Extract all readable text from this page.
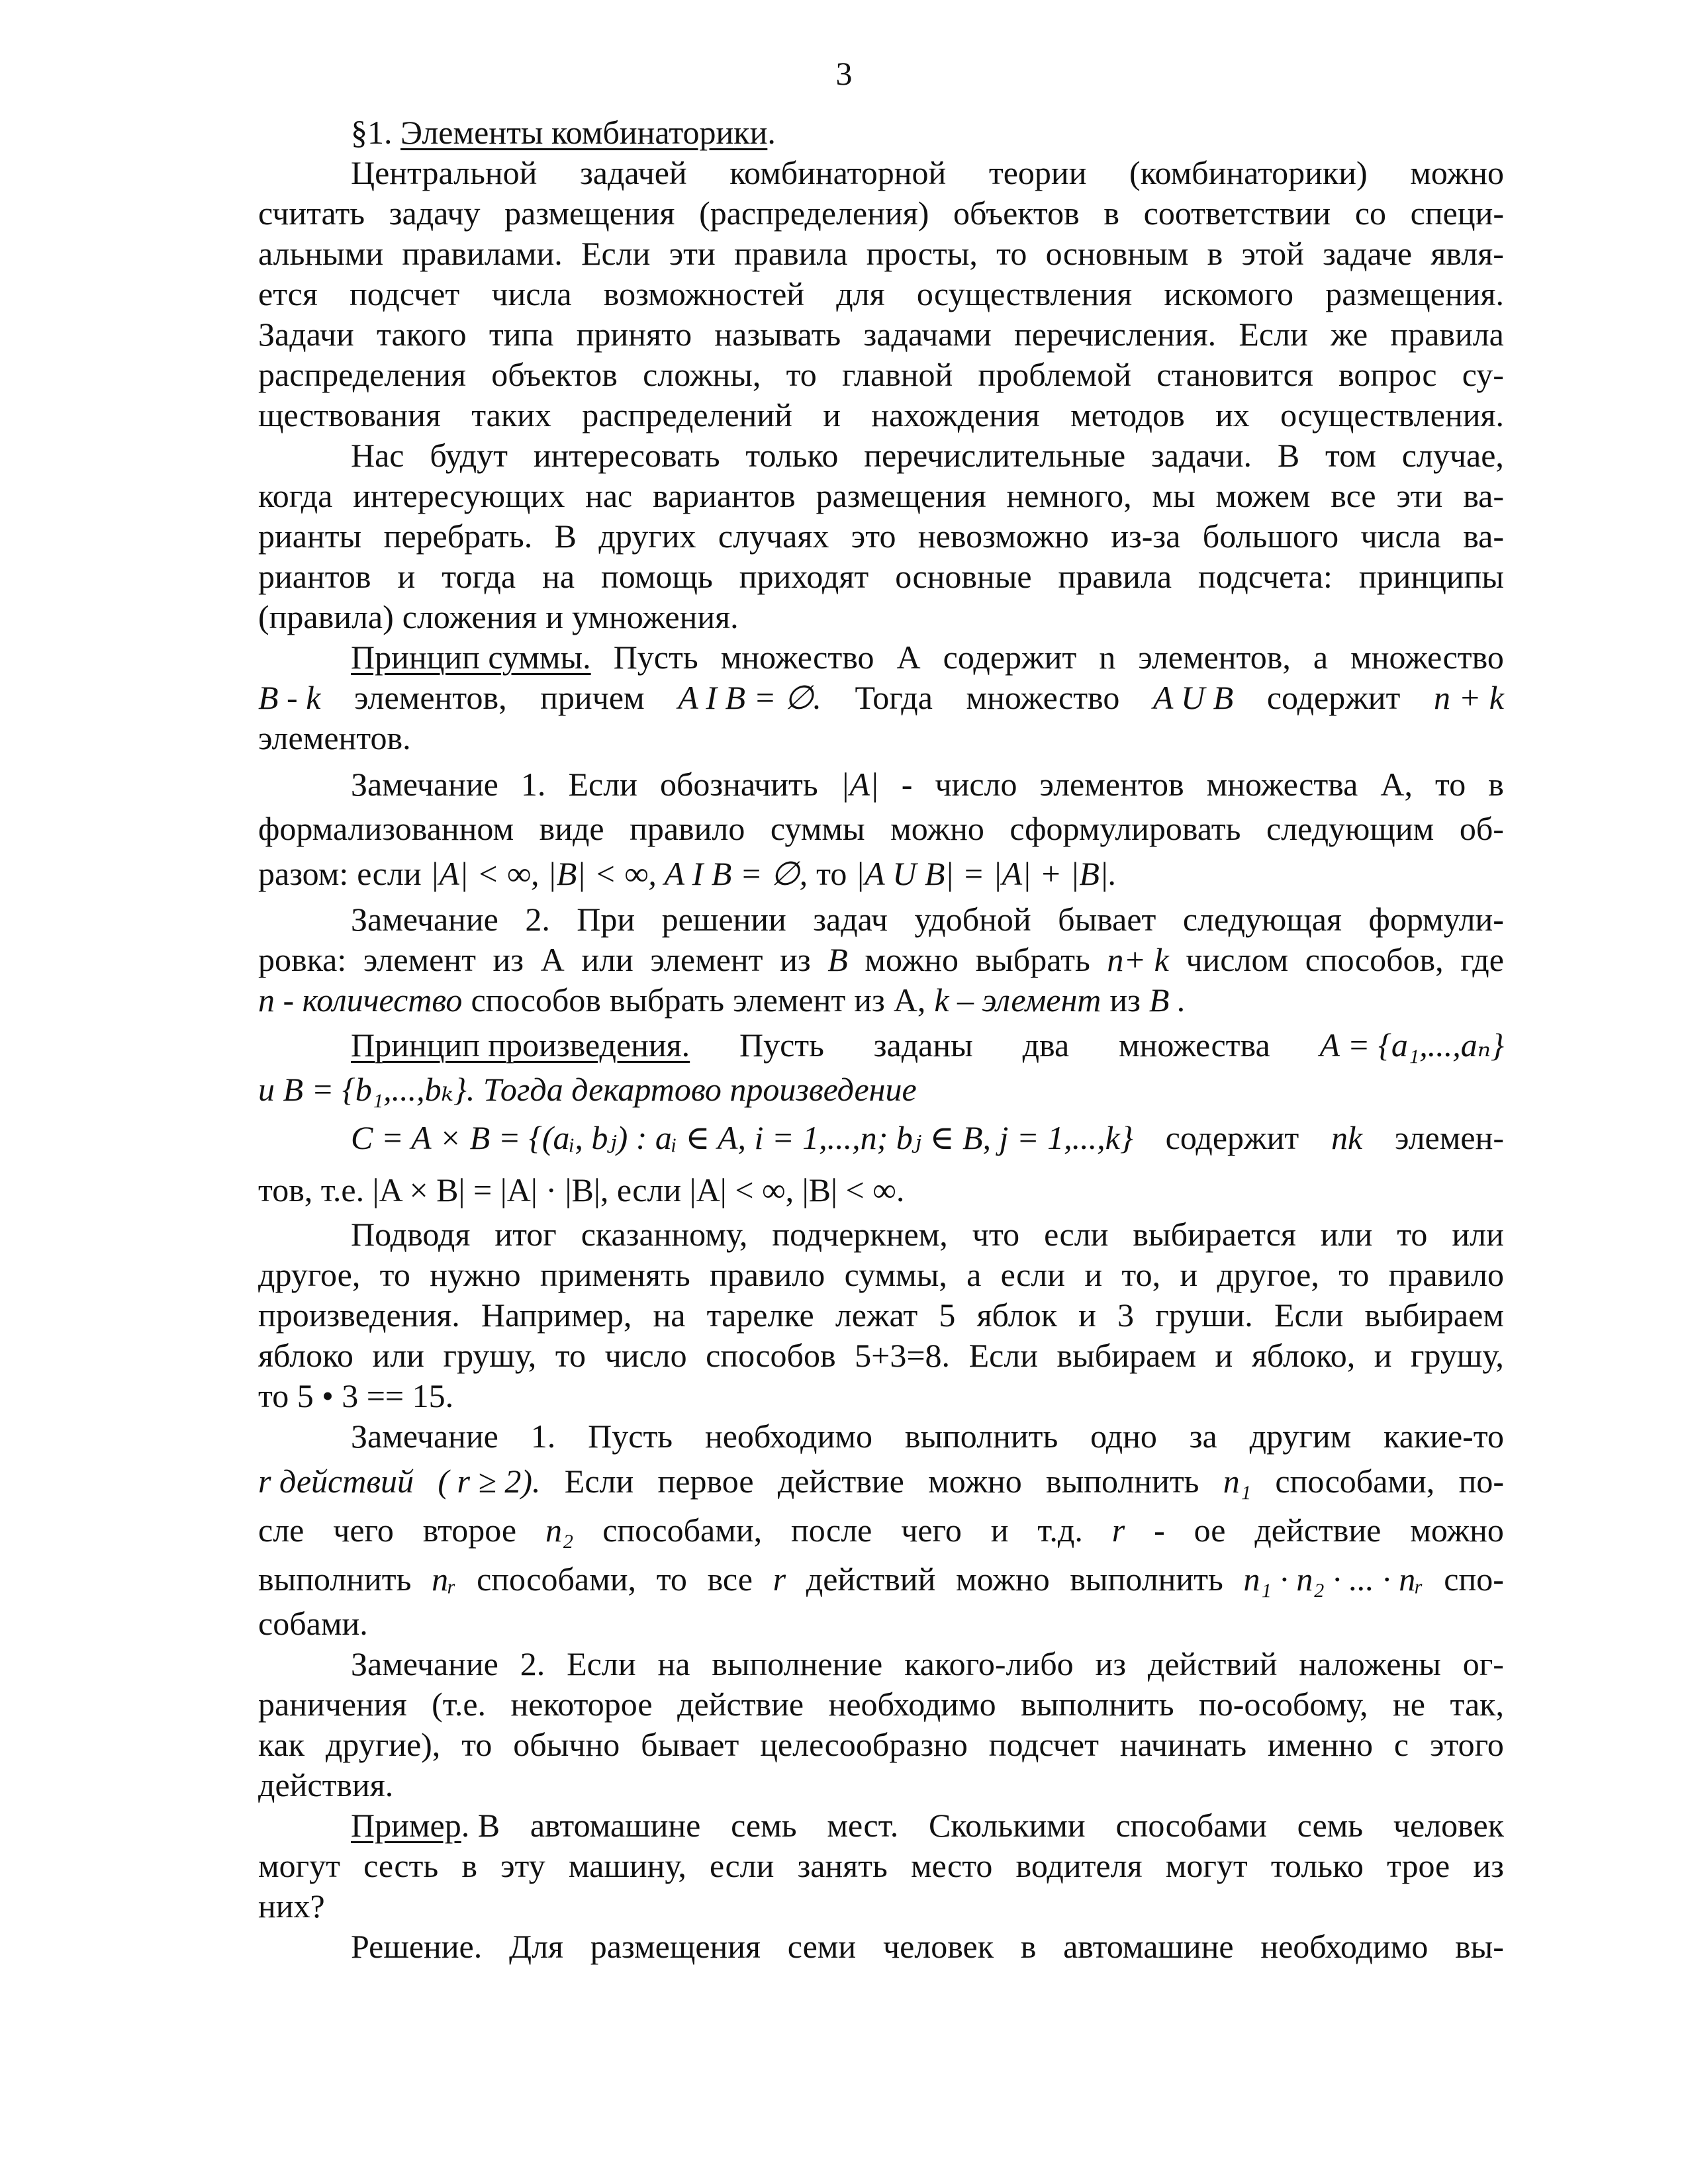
3
§1. Элементы комбинаторики.
Центральной задачей комбинаторной теории (комбинаторики) можно
считать задачу размещения (распределения) объектов в соответствии со специ-
альными правилами. Если эти правила просты, то основным в этой задаче явля-
ется подсчет числа возможностей для осуществления искомого размещения.
Задачи такого типа принято называть задачами перечисления. Если же правила
распределения объектов сложны, то главной проблемой становится вопрос су-
ществования таких распределений и нахождения методов их осуществления.
Нас будут интересовать только перечислительные задачи. В том случае,
когда интересующих нас вариантов размещения немного, мы можем все эти ва-
рианты перебрать. В других случаях это невозможно из-за большого числа ва-
риантов и тогда на помощь приходят основные правила подсчета: принципы
(правила) сложения и умножения.
Принцип суммы. Пусть множество А содержит n элементов, а множество
B - k элементов, причем A I B = ∅. Тогда множество A U B содержит n + k
элементов.
Замечание 1. Если обозначить |A| - число элементов множества А, то в
формализованном виде правило суммы можно сформулировать следующим об-
разом: если |A| < ∞, |B| < ∞, A I B = ∅, то |A U B| = |A| + |B|.
Замечание 2. При решении задач удобной бывает следующая формули-
ровка: элемент из А или элемент из B можно выбрать n+ k числом способов, где
n - количество способов выбрать элемент из А, k – элемент из B .
Принцип произведения. Пусть заданы два множества A = {a₁,...,aₙ}
и B = {b₁,...,bₖ}. Тогда декартово произведение
C = A × B = {(aᵢ, bⱼ) : aᵢ ∈ A, i = 1,...,n; bⱼ ∈ B, j = 1,...,k} содержит nk элемен-
тов, т.е. |A × B| = |A| · |B|, если |A| < ∞, |B| < ∞.
Подводя итог сказанному, подчеркнем, что если выбирается или то или
другое, то нужно применять правило суммы, а если и то, и другое, то правило
произведения. Например, на тарелке лежат 5 яблок и 3 груши. Если выбираем
яблоко или грушу, то число способов 5+3=8. Если выбираем и яблоко, и грушу,
то 5 • 3 == 15.
Замечание 1. Пусть необходимо выполнить одно за другим какие-то
r действий ( r ≥ 2). Если первое действие можно выполнить n₁ способами, по-
сле чего второе n₂ способами, после чего и т.д. r - ое действие можно
выполнить nᵣ способами, то все r действий можно выполнить n₁ · n₂ · ... · nᵣ спо-
собами.
Замечание 2. Если на выполнение какого-либо из действий наложены ог-
раничения (т.е. некоторое действие необходимо выполнить по-особому, не так,
как другие), то обычно бывает целесообразно подсчет начинать именно с этого
действия.
Пример. В автомашине семь мест. Сколькими способами семь человек
могут сесть в эту машину, если занять место водителя могут только трое из
них?
Решение. Для размещения семи человек в автомашине необходимо вы-
